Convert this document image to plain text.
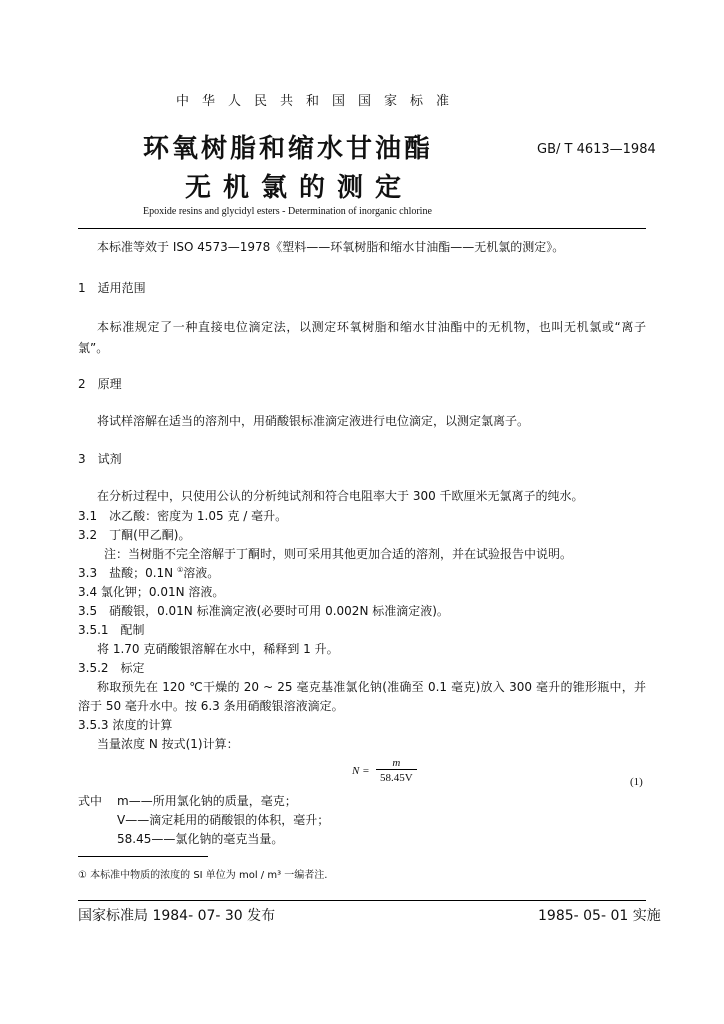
中华人民共和国国家标准
环氧树脂和缩水甘油酯
无机氯的测定
GB/ T 4613—1984
Epoxide resins and glycidyl esters - Determination of inorganic chlorine
本标准等效于 ISO 4573—1978《塑料——环氧树脂和缩水甘油酯——无机氯的测定》。
1　适用范围
本标准规定了一种直接电位滴定法，以测定环氧树脂和缩水甘油酯中的无机物，也叫无机氯或“离子氯”。
2　原理
将试样溶解在适当的溶剂中，用硝酸银标准滴定液进行电位滴定，以测定氯离子。
3　试剂
在分析过程中，只使用公认的分析纯试剂和符合电阻率大于 300 千欧厘米无氯离子的纯水。
3.1　冰乙酸：密度为 1.05 克 / 毫升。
3.2　丁酮(甲乙酮)。
注：当树脂不完全溶解于丁酮时，则可采用其他更加合适的溶剂，并在试验报告中说明。
3.3　盐酸；0.1N ①溶液。
3.4 氯化钾；0.01N 溶液。
3.5　硝酸银，0.01N 标准滴定液(必要时可用 0.002N 标准滴定液)。
3.5.1　配制
将 1.70 克硝酸银溶解在水中，稀释到 1 升。
3.5.2　标定
称取预先在 120 ℃干燥的 20 ~ 25 毫克基准氯化钠(准确至 0.1 毫克)放入 300 毫升的锥形瓶中，并溶于 50 毫升水中。按 6.3 条用硝酸银溶液滴定。
3.5.3 浓度的计算
当量浓度 N 按式(1)计算：
$N = \frac{m}{58.45V}$	(1)
式中	m——所用氯化钠的质量，毫克；
V——滴定耗用的硝酸银的体积，毫升；
58.45——氯化钠的毫克当量。
① 本标准中物质的浓度的 SI 单位为 mol / m³ 一编者注.
国家标准局 1984- 07- 30 发布	1985- 05- 01 实施
